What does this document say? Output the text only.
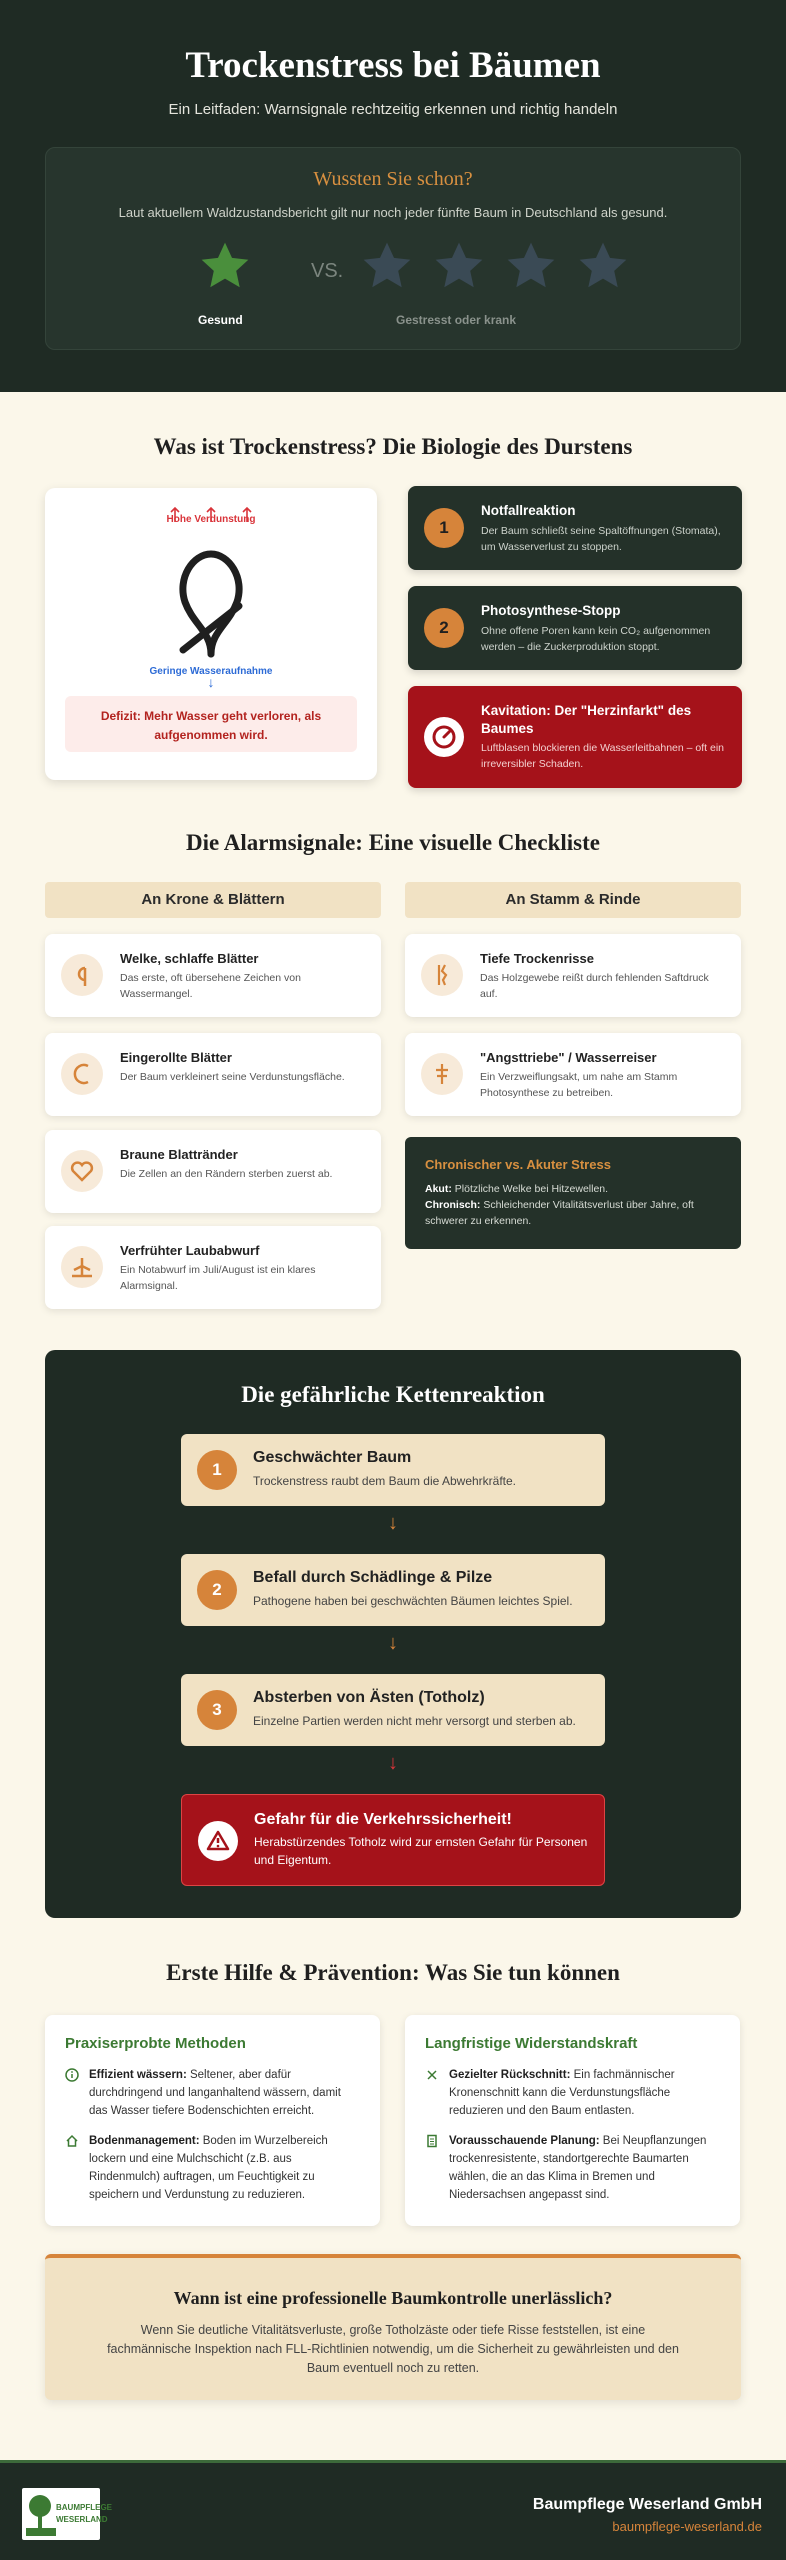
Trockenstress bei Bäumen
Ein Leitfaden: Warnsignale rechtzeitig erkennen und richtig handeln
Wussten Sie schon?
Laut aktuellem Waldzustandsbericht gilt nur noch jeder fünfte Baum in Deutschland als gesund.
VS.
Gesund	Gestresst oder krank
Was ist Trockenstress? Die Biologie des Durstens
Hohe Verdunstung
Geringe Wasseraufnahme
↓
Defizit: Mehr Wasser geht verloren, als aufgenommen wird.
1
Notfallreaktion
Der Baum schließt seine Spaltöffnungen (Stomata), um Wasserverlust zu stoppen.
2
Photosynthese-Stopp
Ohne offene Poren kann kein CO₂ aufgenommen werden – die Zuckerproduktion stoppt.
Kavitation: Der "Herzinfarkt" des Baumes
Luftblasen blockieren die Wasserleitbahnen – oft ein irreversibler Schaden.
Die Alarmsignale: Eine visuelle Checkliste
An Krone & Blättern	An Stamm & Rinde
Welke, schlaffe Blätter
Das erste, oft übersehene Zeichen von Wassermangel.
Eingerollte Blätter
Der Baum verkleinert seine Verdunstungsfläche.
Braune Blattränder
Die Zellen an den Rändern sterben zuerst ab.
Verfrühter Laubabwurf
Ein Notabwurf im Juli/August ist ein klares Alarmsignal.
Tiefe Trockenrisse
Das Holzgewebe reißt durch fehlenden Saftdruck auf.
"Angsttriebe" / Wasserreiser
Ein Verzweiflungsakt, um nahe am Stamm Photosynthese zu betreiben.
Chronischer vs. Akuter Stress
Akut: Plötzliche Welke bei Hitzewellen.
Chronisch: Schleichender Vitalitätsverlust über Jahre, oft schwerer zu erkennen.
Die gefährliche Kettenreaktion
1
Geschwächter Baum
Trockenstress raubt dem Baum die Abwehrkräfte.
↓
2
Befall durch Schädlinge & Pilze
Pathogene haben bei geschwächten Bäumen leichtes Spiel.
↓
3
Absterben von Ästen (Totholz)
Einzelne Partien werden nicht mehr versorgt und sterben ab.
↓
Gefahr für die Verkehrssicherheit!
Herabstürzendes Totholz wird zur ernsten Gefahr für Personen und Eigentum.
Erste Hilfe & Prävention: Was Sie tun können
Praxiserprobte Methoden
Effizient wässern: Seltener, aber dafür durchdringend und langanhaltend wässern, damit das Wasser tiefere Bodenschichten erreicht.
Bodenmanagement: Boden im Wurzelbereich lockern und eine Mulchschicht (z.B. aus Rindenmulch) auftragen, um Feuchtigkeit zu speichern und Verdunstung zu reduzieren.
Langfristige Widerstandskraft
Gezielter Rückschnitt: Ein fachmännischer Kronenschnitt kann die Verdunstungsfläche reduzieren und den Baum entlasten.
Vorausschauende Planung: Bei Neupflanzungen trockenresistente, standortgerechte Baumarten wählen, die an das Klima in Bremen und Niedersachsen angepasst sind.
Wann ist eine professionelle Baumkontrolle unerlässlich?

Wenn Sie deutliche Vitalitätsverluste, große Totholzäste oder tiefe Risse feststellen, ist eine fachmännische Inspektion nach FLL-Richtlinien notwendig, um die Sicherheit zu gewährleisten und den Baum eventuell noch zu retten.

BAUMPFLEGE
WESERLAND
Baumpflege Weserland GmbH
baumpflege-weserland.de
